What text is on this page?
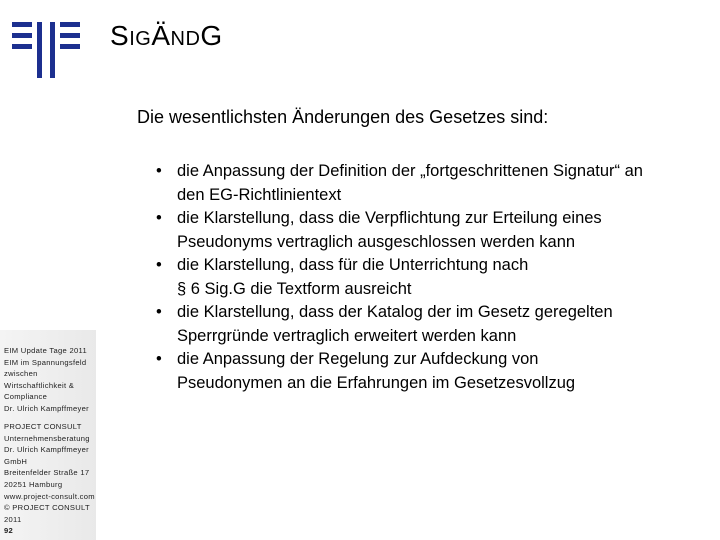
EIM Update Tage 2011
EIM im Spannungsfeld
zwischen
Wirtschaftlichkeit &
Compliance
Dr. Ulrich Kampffmeyer
PROJECT CONSULT
Unternehmensberatung
Dr. Ulrich Kampffmeyer
GmbH
Breitenfelder Straße 17
20251 Hamburg
www.project-consult.com
© PROJECT CONSULT
2011
92
SIGÄNDG
Die wesentlichsten Änderungen des Gesetzes sind:
• die Anpassung der Definition der „fortgeschrittenen Signatur“ an
den EG-Richtlinientext
• die Klarstellung, dass die Verpflichtung zur Erteilung eines
Pseudonyms vertraglich ausgeschlossen werden kann
• die Klarstellung, dass für die Unterrichtung nach
§ 6 Sig.G die Textform ausreicht
• die Klarstellung, dass der Katalog der im Gesetz geregelten
Sperrgründe vertraglich erweitert werden kann
• die Anpassung der Regelung zur Aufdeckung von
Pseudonymen an die Erfahrungen im Gesetzesvollzug
